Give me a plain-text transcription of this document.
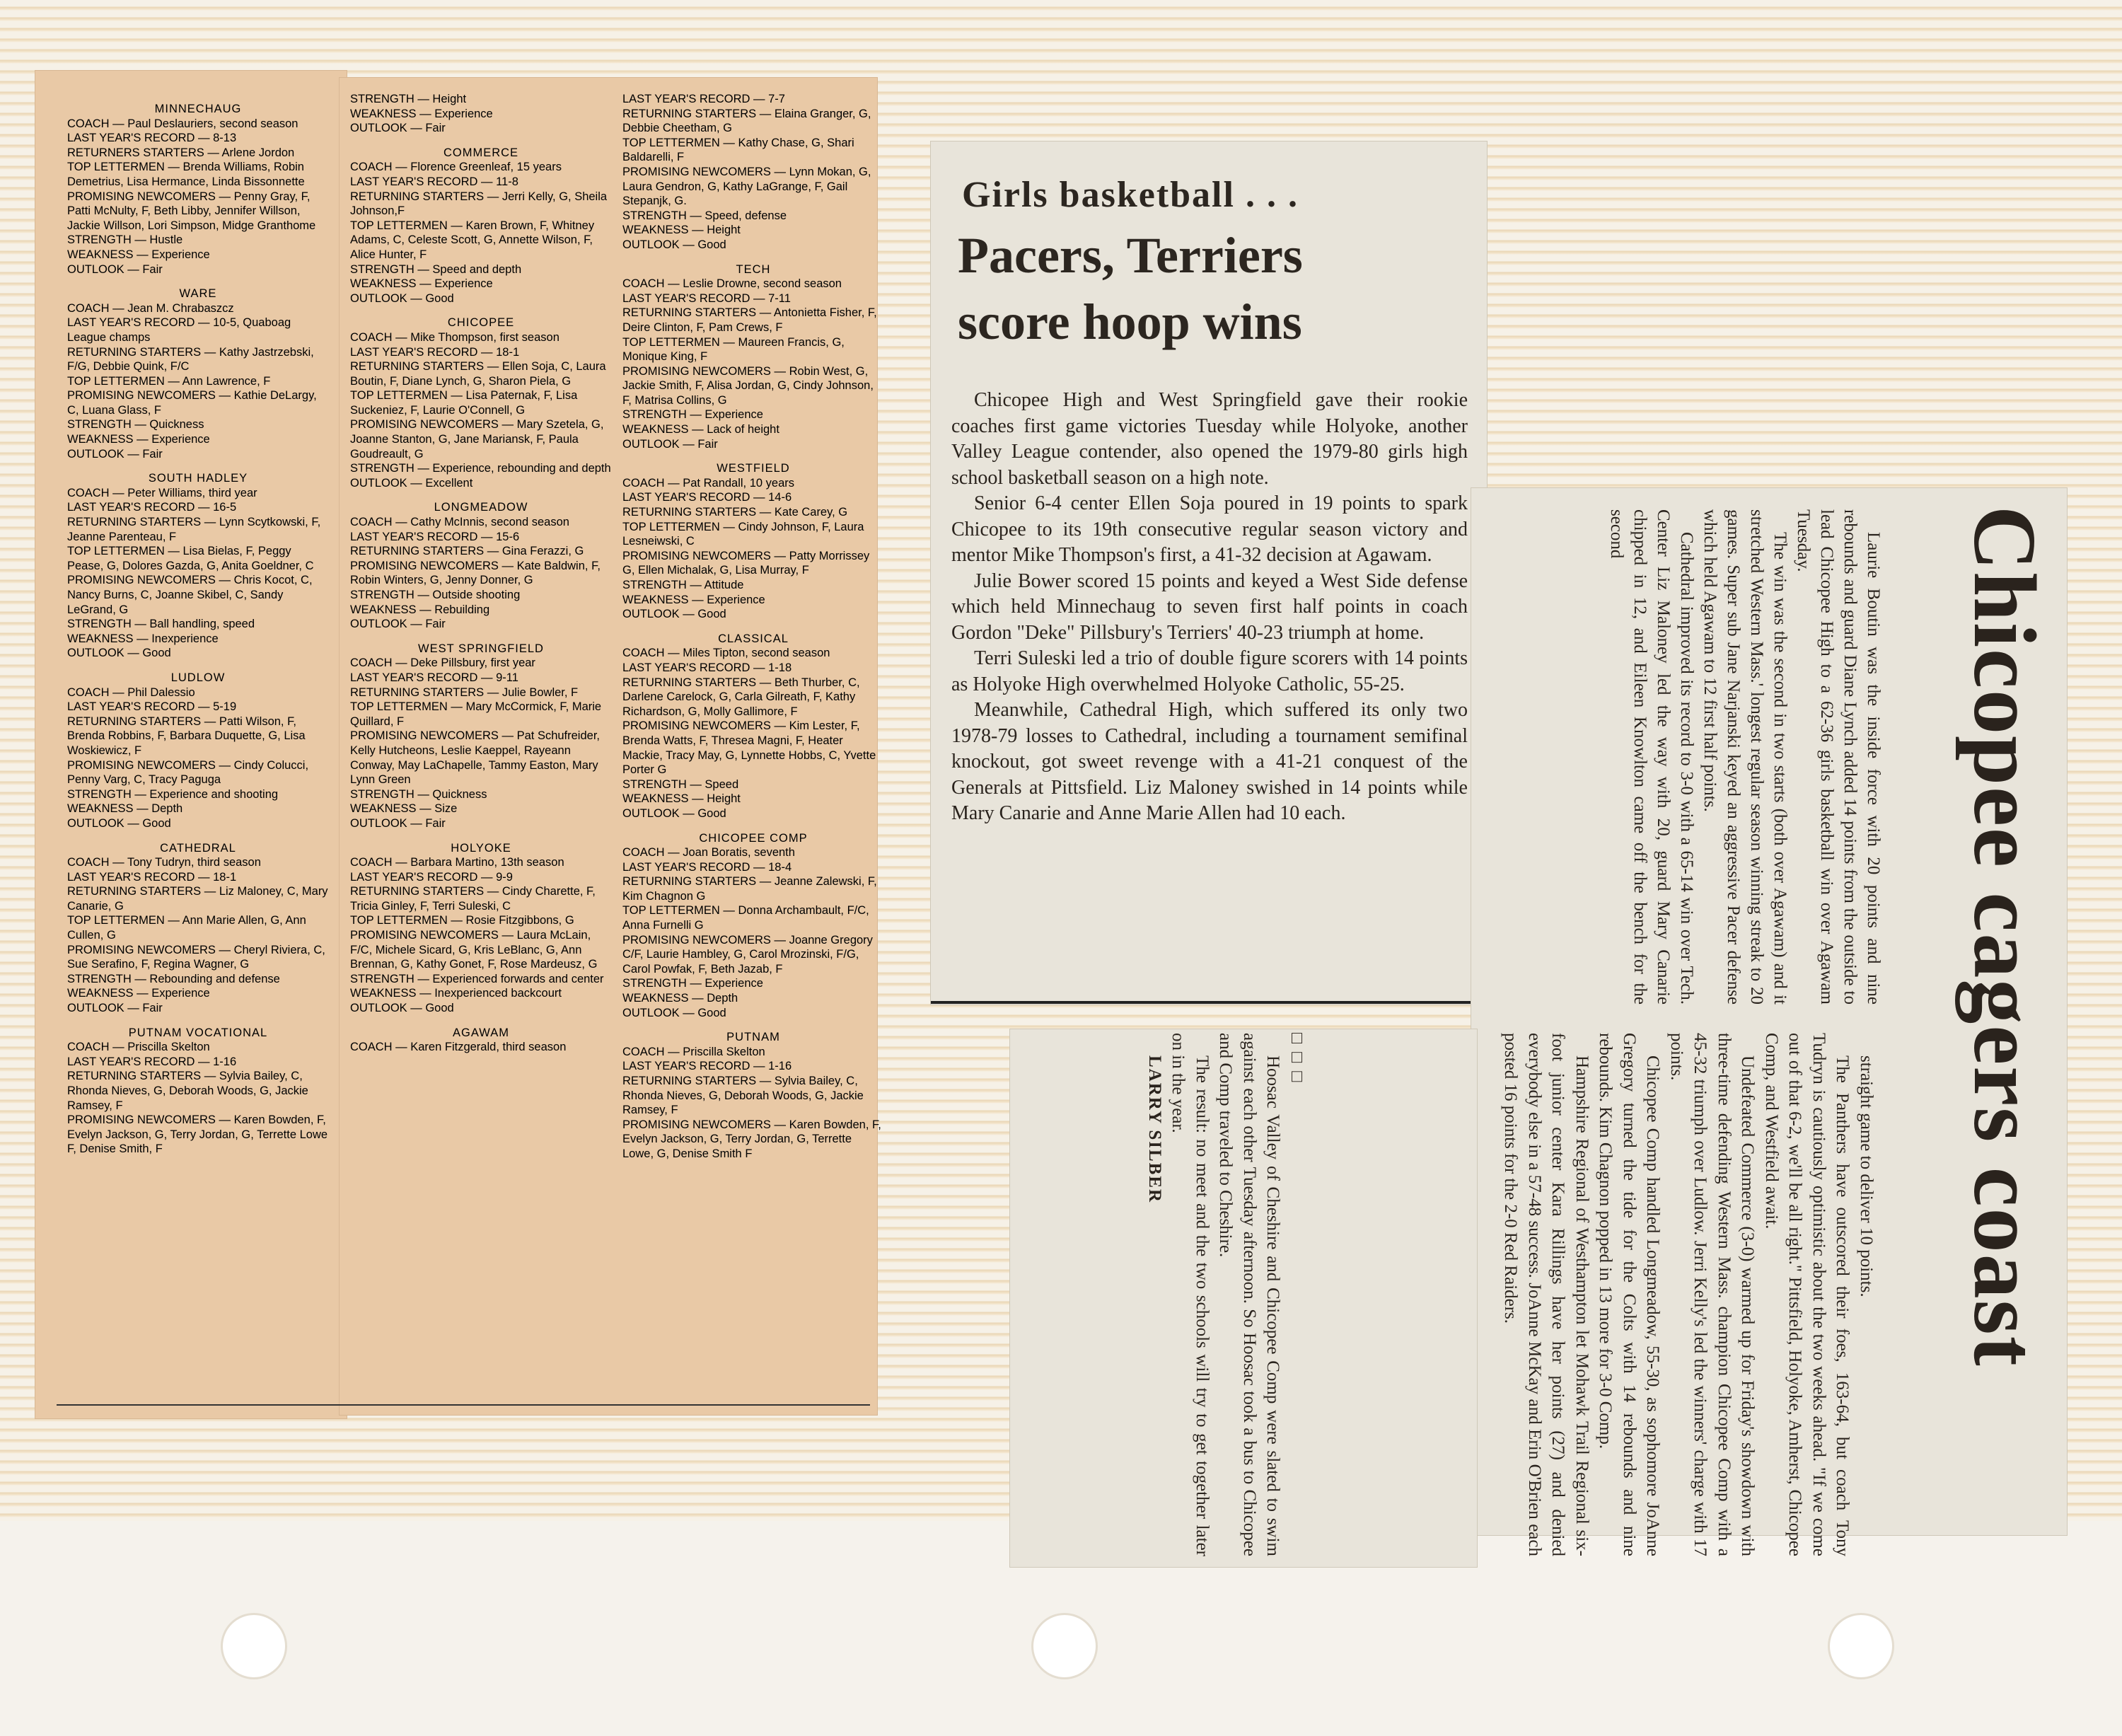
MINNECHAUG

COACH — Paul Deslauriers, second season

LAST YEAR'S RECORD — 8-13

RETURNERS STARTERS — Arlene Jordon

TOP LETTERMEN — Brenda Williams, Robin Demetrius, Lisa Hermance, Linda Bissonnette

PROMISING NEWCOMERS — Penny Gray, F, Patti McNulty, F, Beth Libby, Jennifer Willson, Jackie Willson, Lori Simpson, Midge Granthome

STRENGTH — Hustle

WEAKNESS — Experience

OUTLOOK — Fair

WARE

COACH — Jean M. Chrabaszcz

LAST YEAR'S RECORD — 10-5, Quaboag League champs

RETURNING STARTERS — Kathy Jastrzebski, F/G, Debbie Quink, F/C

TOP LETTERMEN — Ann Lawrence, F

PROMISING NEWCOMERS — Kathie DeLargy, C, Luana Glass, F

STRENGTH — Quickness

WEAKNESS — Experience

OUTLOOK — Fair

SOUTH HADLEY

COACH — Peter Williams, third year

LAST YEAR'S RECORD — 16-5

RETURNING STARTERS — Lynn Scytkowski, F, Jeanne Parenteau, F

TOP LETTERMEN — Lisa Bielas, F, Peggy Pease, G, Dolores Gazda, G, Anita Goeldner, C

PROMISING NEWCOMERS — Chris Kocot, C, Nancy Burns, C, Joanne Skibel, C, Sandy LeGrand, G

STRENGTH — Ball handling, speed

WEAKNESS — Inexperience

OUTLOOK — Good

LUDLOW

COACH — Phil Dalessio

LAST YEAR'S RECORD — 5-19

RETURNING STARTERS — Patti Wilson, F, Brenda Robbins, F, Barbara Duquette, G, Lisa Woskiewicz, F

PROMISING NEWCOMERS — Cindy Colucci, Penny Varg, C, Tracy Paguga

STRENGTH — Experience and shooting

WEAKNESS — Depth

OUTLOOK — Good

CATHEDRAL

COACH — Tony Tudryn, third season

LAST YEAR'S RECORD — 18-1

RETURNING STARTERS — Liz Maloney, C, Mary Canarie, G

TOP LETTERMEN — Ann Marie Allen, G, Ann Cullen, G

PROMISING NEWCOMERS — Cheryl Riviera, C, Sue Serafino, F, Regina Wagner, G

STRENGTH — Rebounding and defense

WEAKNESS — Experience

OUTLOOK — Fair

PUTNAM VOCATIONAL

COACH — Priscilla Skelton

LAST YEAR'S RECORD — 1-16

RETURNING STARTERS — Sylvia Bailey, C, Rhonda Nieves, G, Deborah Woods, G, Jackie Ramsey, F

PROMISING NEWCOMERS — Karen Bowden, F, Evelyn Jackson, G, Terry Jordan, G, Terrette Lowe F, Denise Smith, F

STRENGTH — Height

WEAKNESS — Experience

OUTLOOK — Fair

COMMERCE

COACH — Florence Greenleaf, 15 years

LAST YEAR'S RECORD — 11-8

RETURNING STARTERS — Jerri Kelly, G, Sheila Johnson,F

TOP LETTERMEN — Karen Brown, F, Whitney Adams, C, Celeste Scott, G, Annette Wilson, F, Alice Hunter, F

STRENGTH — Speed and depth

WEAKNESS — Experience

OUTLOOK — Good

CHICOPEE

COACH — Mike Thompson, first season

LAST YEAR'S RECORD — 18-1

RETURNING STARTERS — Ellen Soja, C, Laura Boutin, F, Diane Lynch, G, Sharon Piela, G

TOP LETTERMEN — Lisa Paternak, F, Lisa Suckeniez, F, Laurie O'Connell, G

PROMISING NEWCOMERS — Mary Szetela, G, Joanne Stanton, G, Jane Mariansk, F, Paula Goudreault, G

STRENGTH — Experience, rebounding and depth

OUTLOOK — Excellent

LONGMEADOW

COACH — Cathy McInnis, second season

LAST YEAR'S RECORD — 15-6

RETURNING STARTERS — Gina Ferazzi, G

PROMISING NEWCOMERS — Kate Baldwin, F, Robin Winters, G, Jenny Donner, G

STRENGTH — Outside shooting

WEAKNESS — Rebuilding

OUTLOOK — Fair

WEST SPRINGFIELD

COACH — Deke Pillsbury, first year

LAST YEAR'S RECORD — 9-11

RETURNING STARTERS — Julie Bowler, F

TOP LETTERMEN — Mary McCormick, F, Marie Quillard, F

PROMISING NEWCOMERS — Pat Schufreider, Kelly Hutcheons, Leslie Kaeppel, Rayeann Conway, May LaChapelle, Tammy Easton, Mary Lynn Green

STRENGTH — Quickness

WEAKNESS — Size

OUTLOOK — Fair

HOLYOKE

COACH — Barbara Martino, 13th season

LAST YEAR'S RECORD — 9-9

RETURNING STARTERS — Cindy Charette, F, Tricia Ginley, F, Terri Suleski, C

TOP LETTERMEN — Rosie Fitzgibbons, G

PROMISING NEWCOMERS — Laura McLain, F/C, Michele Sicard, G, Kris LeBlanc, G, Ann Brennan, G, Kathy Gonet, F, Rose Mardeusz, G

STRENGTH — Experienced forwards and center

WEAKNESS — Inexperienced backcourt

OUTLOOK — Good

AGAWAM

COACH — Karen Fitzgerald, third season

LAST YEAR'S RECORD — 7-7

RETURNING STARTERS — Elaina Granger, G, Debbie Cheetham, G

TOP LETTERMEN — Kathy Chase, G, Shari Baldarelli, F

PROMISING NEWCOMERS — Lynn Mokan, G, Laura Gendron, G, Kathy LaGrange, F, Gail Stepanjk, G.

STRENGTH — Speed, defense

WEAKNESS — Height

OUTLOOK — Good

TECH

COACH — Leslie Drowne, second season

LAST YEAR'S RECORD — 7-11

RETURNING STARTERS — Antonietta Fisher, F, Deire Clinton, F, Pam Crews, F

TOP LETTERMEN — Maureen Francis, G, Monique King, F

PROMISING NEWCOMERS — Robin West, G, Jackie Smith, F, Alisa Jordan, G, Cindy Johnson, F, Matrisa Collins, G

STRENGTH — Experience

WEAKNESS — Lack of height

OUTLOOK — Fair

WESTFIELD

COACH — Pat Randall, 10 years

LAST YEAR'S RECORD — 14-6

RETURNING STARTERS — Kate Carey, G

TOP LETTERMEN — Cindy Johnson, F, Laura Lesneiwski, C

PROMISING NEWCOMERS — Patty Morrissey G, Ellen Michalak, G, Lisa Murray, F

STRENGTH — Attitude

WEAKNESS — Experience

OUTLOOK — Good

CLASSICAL

COACH — Miles Tipton, second season

LAST YEAR'S RECORD — 1-18

RETURNING STARTERS — Beth Thurber, C, Darlene Carelock, G, Carla Gilreath, F, Kathy Richardson, G, Molly Gallimore, F

PROMISING NEWCOMERS — Kim Lester, F, Brenda Watts, F, Thresea Magni, F, Heater Mackie, Tracy May, G, Lynnette Hobbs, C, Yvette Porter G

STRENGTH — Speed

WEAKNESS — Height

OUTLOOK — Good

CHICOPEE COMP

COACH — Joan Boratis, seventh

LAST YEAR'S RECORD — 18-4

RETURNING STARTERS — Jeanne Zalewski, F, Kim Chagnon G

TOP LETTERMEN — Donna Archambault, F/C, Anna Furnelli G

PROMISING NEWCOMERS — Joanne Gregory C/F, Laurie Hambley, G, Carol Mrozinski, F/G, Carol Powfak, F, Beth Jazab, F

STRENGTH — Experience

WEAKNESS — Depth

OUTLOOK — Good

PUTNAM

COACH — Priscilla Skelton

LAST YEAR'S RECORD — 1-16

RETURNING STARTERS — Sylvia Bailey, C, Rhonda Nieves, G, Deborah Woods, G, Jackie Ramsey, F

PROMISING NEWCOMERS — Karen Bowden, F, Evelyn Jackson, G, Terry Jordan, G, Terrette Lowe, G, Denise Smith F

Girls basketball . . .
Pacers, Terriers
score hoop wins

Chicopee High and West Springfield gave their rookie coaches first game victories Tuesday while Holyoke, another Valley League contender, also opened the 1979-80 girls high school basketball season on a high note.

Senior 6-4 center Ellen Soja poured in 19 points to spark Chicopee to its 19th consecutive regular season victory and mentor Mike Thompson's first, a 41-32 decision at Agawam.

Julie Bower scored 15 points and keyed a West Side defense which held Minnechaug to seven first half points in coach Gordon "Deke" Pillsbury's Terriers' 40-23 triumph at home.

Terri Suleski led a trio of double figure scorers with 14 points as Holyoke High overwhelmed Holyoke Catholic, 55-25.

Meanwhile, Cathedral High, which suffered its only two 1978-79 losses to Cathedral, including a tournament semifinal knockout, got sweet revenge with a 41-21 conquest of the Generals at Pittsfield. Liz Maloney swished in 14 points while Mary Canarie and Anne Marie Allen had 10 each.	Chicopee cagers coast

Laurie Boutin was the inside force with 20 points and nine rebounds and guard Diane Lynch added 14 points from the outside to lead Chicopee High to a 62-36 girls basketball win over Agawam Tuesday.

The win was the second in two starts (both over Agawam) and it stretched Western Mass.' longest regular season winning streak to 20 games. Super sub Jane Narjanski keyed an aggressive Pacer defense which held Agawam to 12 first half points.

Cathedral improved its record to 3-0 with a 65-14 win over Tech. Center Liz Maloney led the way with 20, guard Mary Canarie chipped in 12, and Eileen Knowlton came off the bench for the second

straight game to deliver 10 points.

The Panthers have outscored their foes, 163-64, but coach Tony Tudryn is cautiously optimistic about the two weeks ahead. "If we come out of that 6-2, we'll be all right." Pittsfield, Holyoke, Amherst, Chicopee Comp, and Westfield await.

Undefeated Commerce (3-0) warmed up for Friday's showdown with three-time defending Western Mass. champion Chicopee Comp with a 45-32 triumph over Ludlow. Jerri Kelly's led the winners' charge with 17 points.

Chicopee Comp handled Longmeadow, 55-30, as sophomore JoAnne Gregory turned the tide for the Colts with 14 rebounds and nine rebounds. Kim Chagnon popped in 13 more for 3-0 Comp.

Hampshire Regional of Westhampton let Mohawk Trail Regional six-foot junior center Kara Rillings have her points (27) and denied everybody else in a 57-48 success. JoAnne McKay and Erin O'Brien each posted 16 points for the 2-0 Red Raiders.

□□□

Hoosac Valley of Cheshire and Chicopee Comp were slated to swim against each other Tuesday afternoon. So Hoosac took a bus to Chicopee and Comp traveled to Cheshire.

The result: no meet and the two schools will try to get together later on in the year.

LARRY SILBER
